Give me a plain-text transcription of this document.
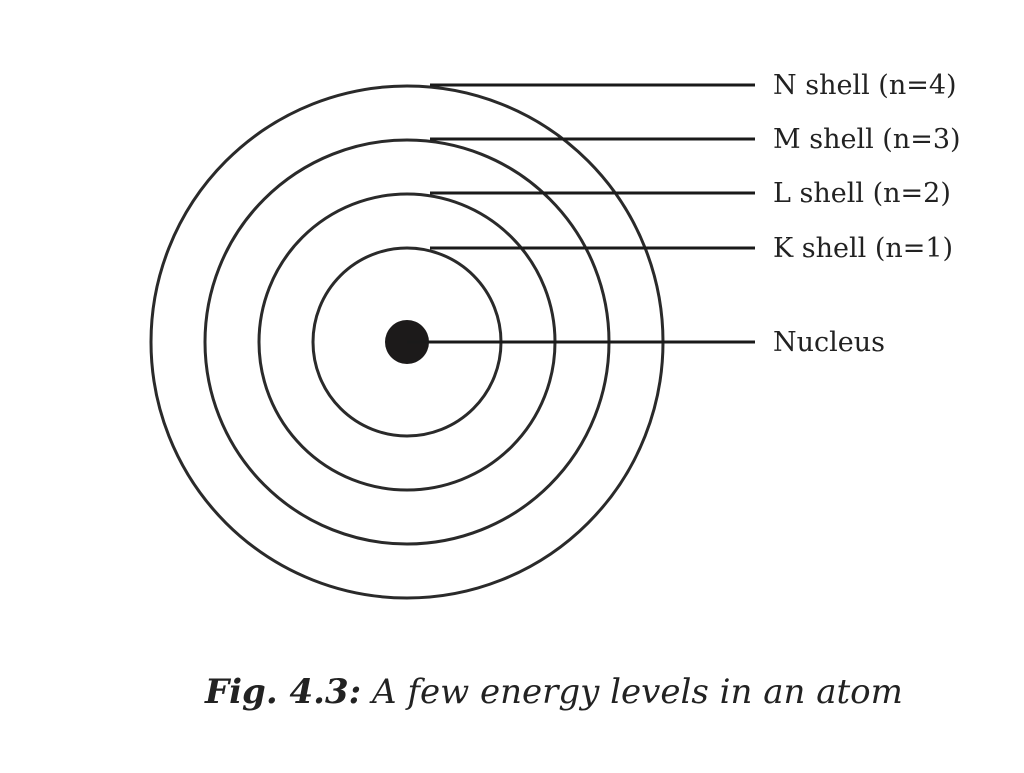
N shell (n=4)
M shell (n=3)
L shell (n=2)
K shell (n=1)
Nucleus
Fig. 4.3: A few energy levels in an atom
